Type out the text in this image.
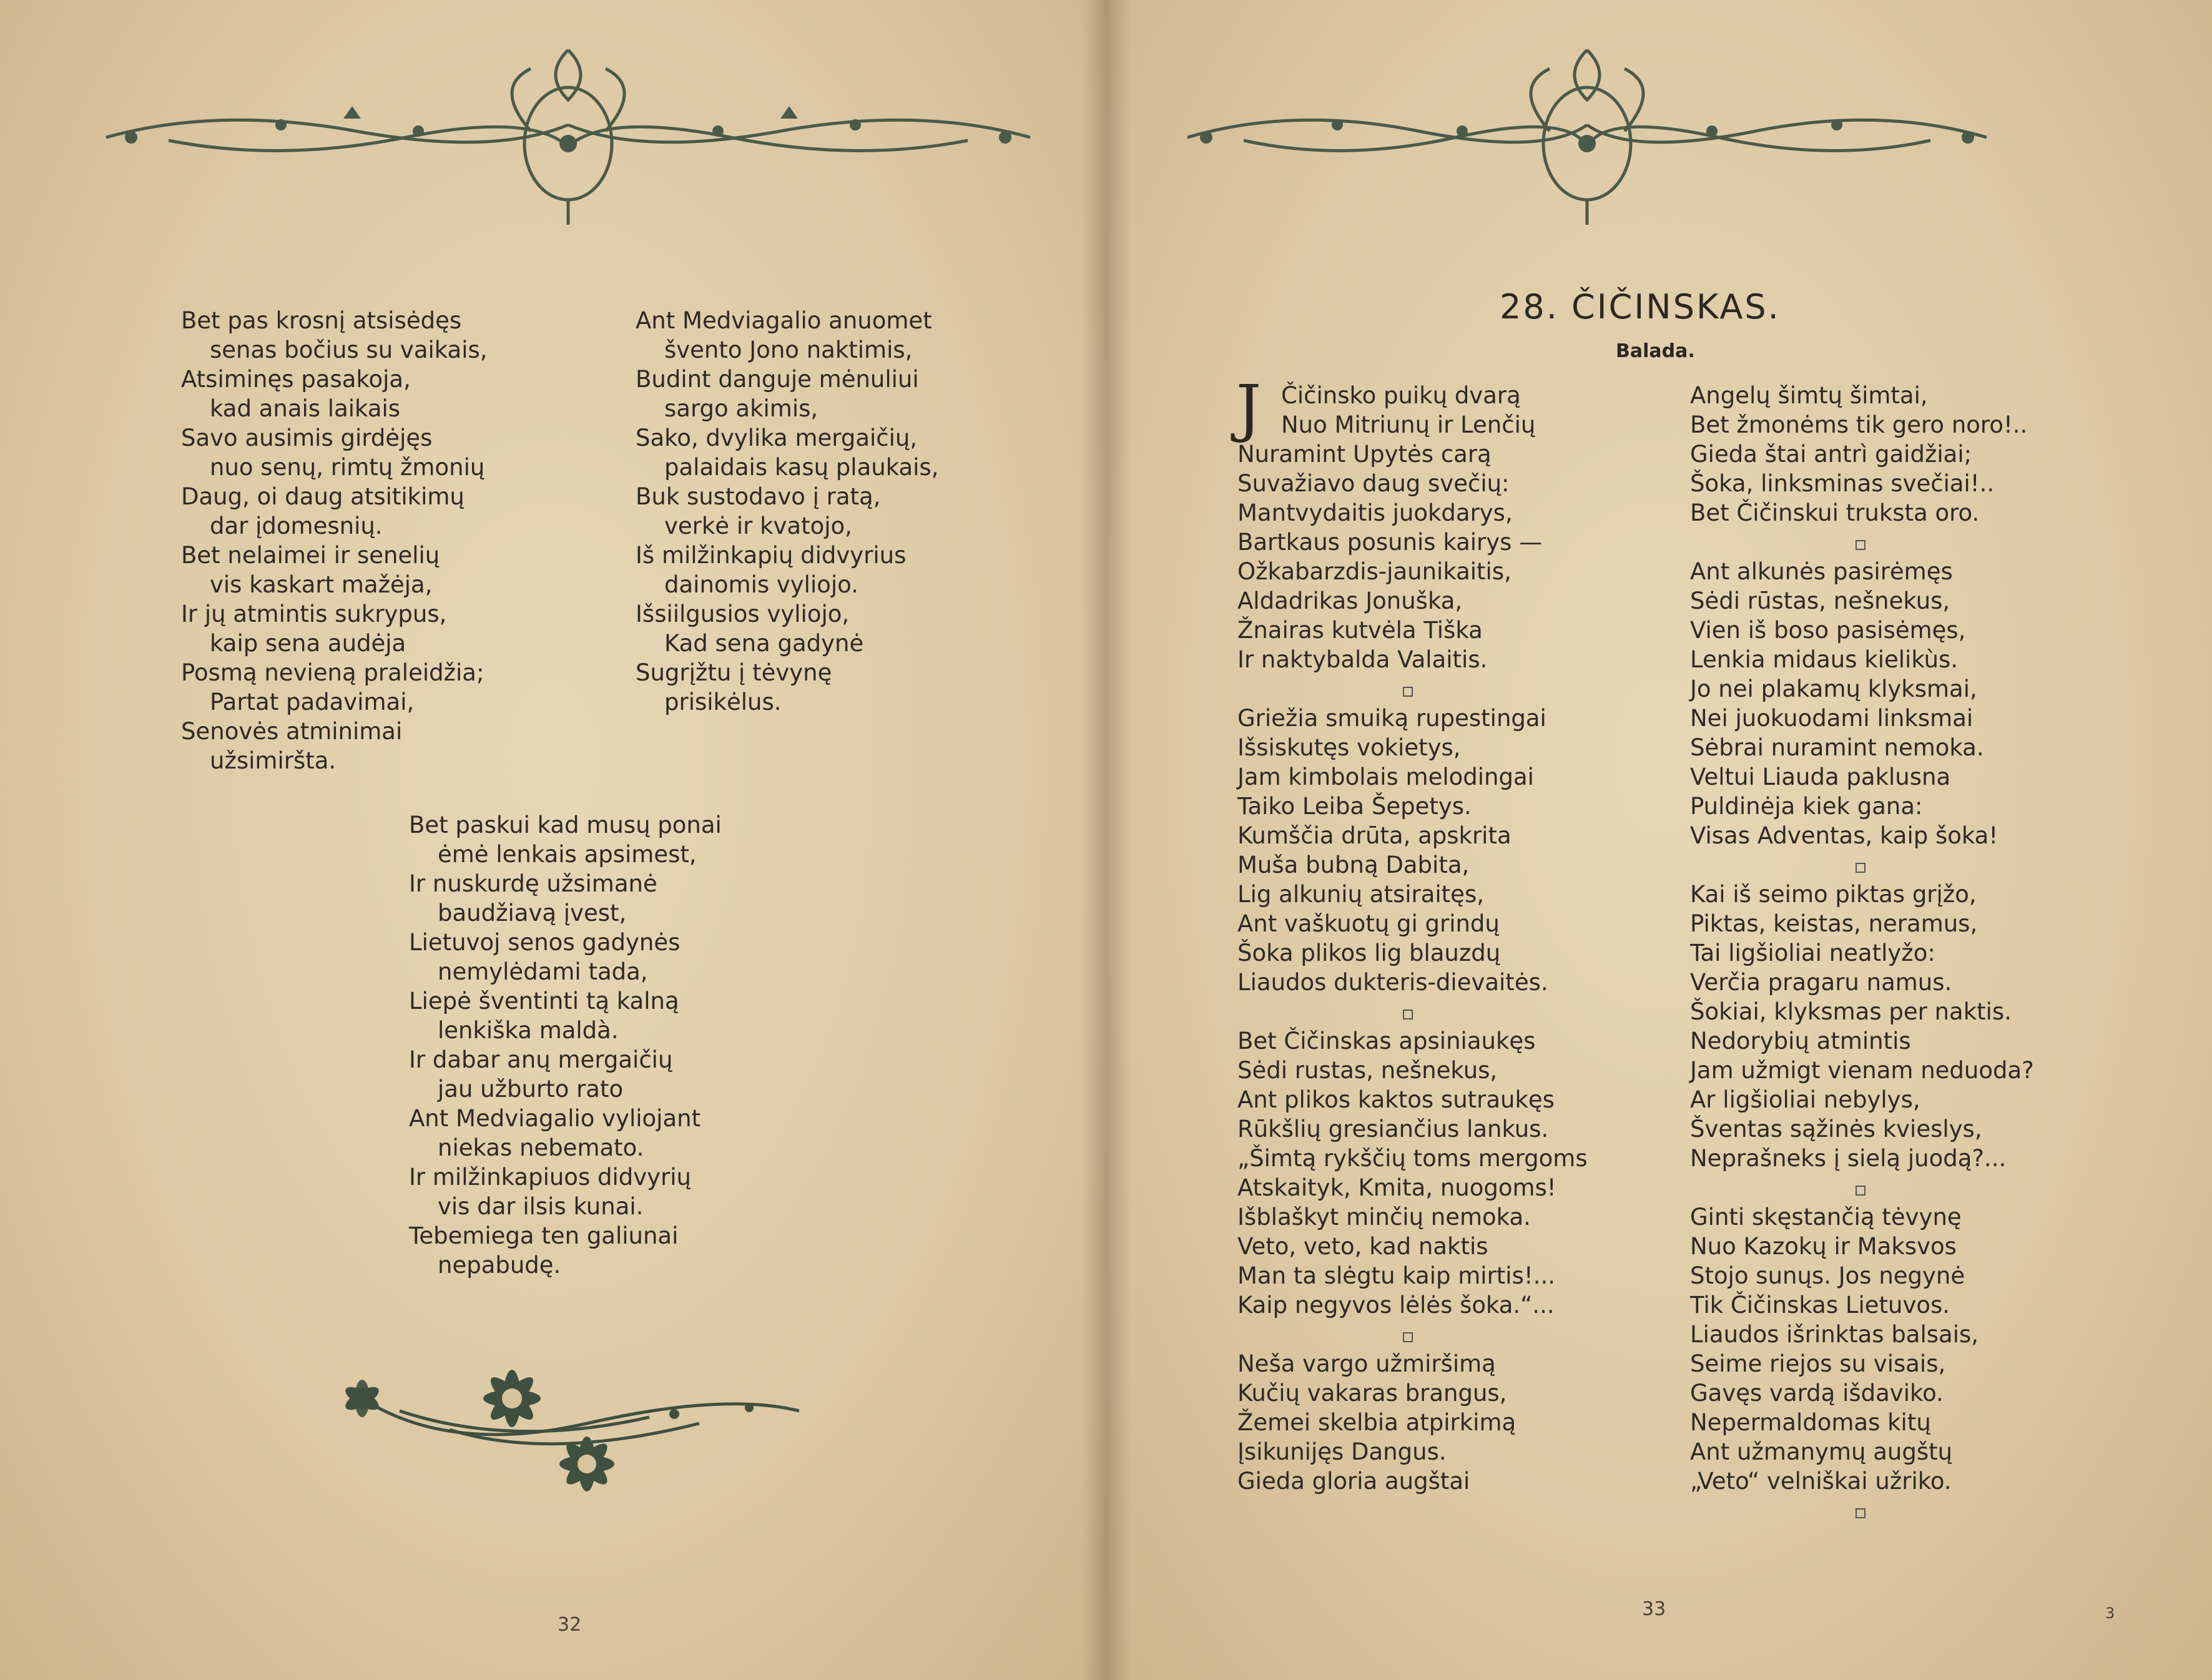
Bet pas krosnį atsisėdęs
senas bočius su vaikais,
Atsiminęs pasakoja,
kad anais laikais
Savo ausimis girdėjęs
nuo senų, rimtų žmonių
Daug, oi daug atsitikimų
dar įdomesnių.
Bet nelaimei ir senelių
vis kaskart mažėja,
Ir jų atmintis sukrypus,
kaip sena audėja
Posmą nevieną praleidžia;
Partat padavimai,
Senovės atminimai
užsimiršta.
Ant Medviagalio anuomet
švento Jono naktimis,
Budint danguje mėnuliui
sargo akimis,
Sako, dvylika mergaičių,
palaidais kasų plaukais,
Buk sustodavo į ratą,
verkė ir kvatojo,
Iš milžinkapių didvyrius
dainomis vyliojo.
Išsiilgusios vyliojo,
Kad sena gadynė
Sugrįžtu į tėvynę
prisikėlus.
Bet paskui kad musų ponai
ėmė lenkais apsimest,
Ir nuskurdę užsimanė
baudžiavą įvest,
Lietuvoj senos gadynės
nemylėdami tada,
Liepė šventinti tą kalną
lenkiška maldà.
Ir dabar anų mergaičių
jau užburto rato
Ant Medviagalio vyliojant
niekas nebemato.
Ir milžinkapiuos didvyrių
vis dar ilsis kunai.
Tebemiega ten galiunai
nepabudę.
32
28. ČIČINSKAS.
Balada.
J Čičinsko puikų dvarą
Nuo Mitriunų ir Lenčių
Nuramint Upytės carą
Suvažiavo daug svečių:
Mantvydaitis juokdarys,
Bartkaus posunis kairys —
Ožkabarzdis-jaunikaitis,
Aldadrikas Jonuška,
Žnairas kutvėla Tiška
Ir naktybalda Valaitis.
Griežia smuiką rupestingai
Išsiskutęs vokietys,
Jam kimbolais melodingai
Taiko Leiba Šepetys.
Kumščia drūta, apskrita
Muša bubną Dabita,
Lig alkunių atsiraitęs,
Ant vaškuotų gi grindų
Šoka plikos lig blauzdų
Liaudos dukteris-dievaitės.
Bet Čičinskas apsiniaukęs
Sėdi rustas, nešnekus,
Ant plikos kaktos sutraukęs
Rūkšlių gresiančius lankus.
„Šimtą rykščių toms mergoms
Atskaityk, Kmita, nuogoms!
Išblaškyt minčių nemoka.
Veto, veto, kad naktis
Man ta slėgtu kaip mirtis!...
Kaip negyvos lėlės šoka.“...
Neša vargo užmiršimą
Kučių vakaras brangus,
Žemei skelbia atpirkimą
Įsikunijęs Dangus.
Gieda gloria augštai
Angelų šimtų šimtai,
Bet žmonėms tik gero noro!..
Gieda štai antrì gaidžiai;
Šoka, linksminas svečiai!..
Bet Čičinskui truksta oro.
Ant alkunės pasirėmęs
Sėdi rūstas, nešnekus,
Vien iš boso pasisėmęs,
Lenkia midaus kielikùs.
Jo nei plakamų klyksmai,
Nei juokuodami linksmai
Sėbrai nuramint nemoka.
Veltui Liauda paklusna
Puldinėja kiek gana:
Visas Adventas, kaip šoka!
Kai iš seimo piktas grįžo,
Piktas, keistas, neramus,
Tai ligšioliai neatlyžo:
Verčia pragaru namus.
Šokiai, klyksmas per naktis.
Nedorybių atmintis
Jam užmigt vienam neduoda?
Ar ligšioliai nebylys,
Šventas sąžinės kvieslys,
Neprašneks į sielą juodą?...
Ginti skęstančią tėvynę
Nuo Kazokų ir Maksvos
Stojo sunųs. Jos negynė
Tik Čičinskas Lietuvos.
Liaudos išrinktas balsais,
Seime riejos su visais,
Gavęs vardą išdaviko.
Nepermaldomas kitų
Ant užmanymų augštų
„Veto“ velniškai užriko.
33	3
